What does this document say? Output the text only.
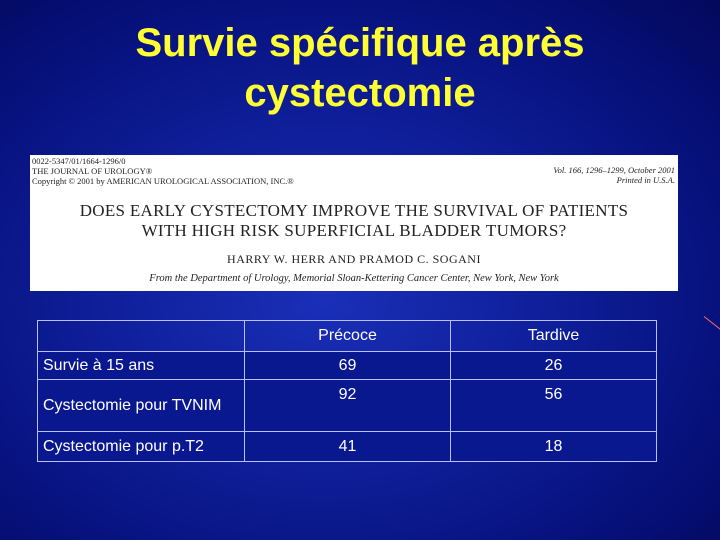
Survie spécifique après
cystectomie
0022-5347/01/1664-1296/0
THE JOURNAL OF UROLOGY®
Copyright © 2001 by AMERICAN UROLOGICAL ASSOCIATION, INC.®
Vol. 166, 1296–1299, October 2001
Printed in U.S.A.
DOES EARLY CYSTECTOMY IMPROVE THE SURVIVAL OF PATIENTS
WITH HIGH RISK SUPERFICIAL BLADDER TUMORS?
HARRY W. HERR AND PRAMOD C. SOGANI
From the Department of Urology, Memorial Sloan-Kettering Cancer Center, New York, New York
	Précoce	Tardive
Survie à 15 ans	69	26
Cystectomie pour TVNIM	92	56
Cystectomie pour p.T2	41	18
